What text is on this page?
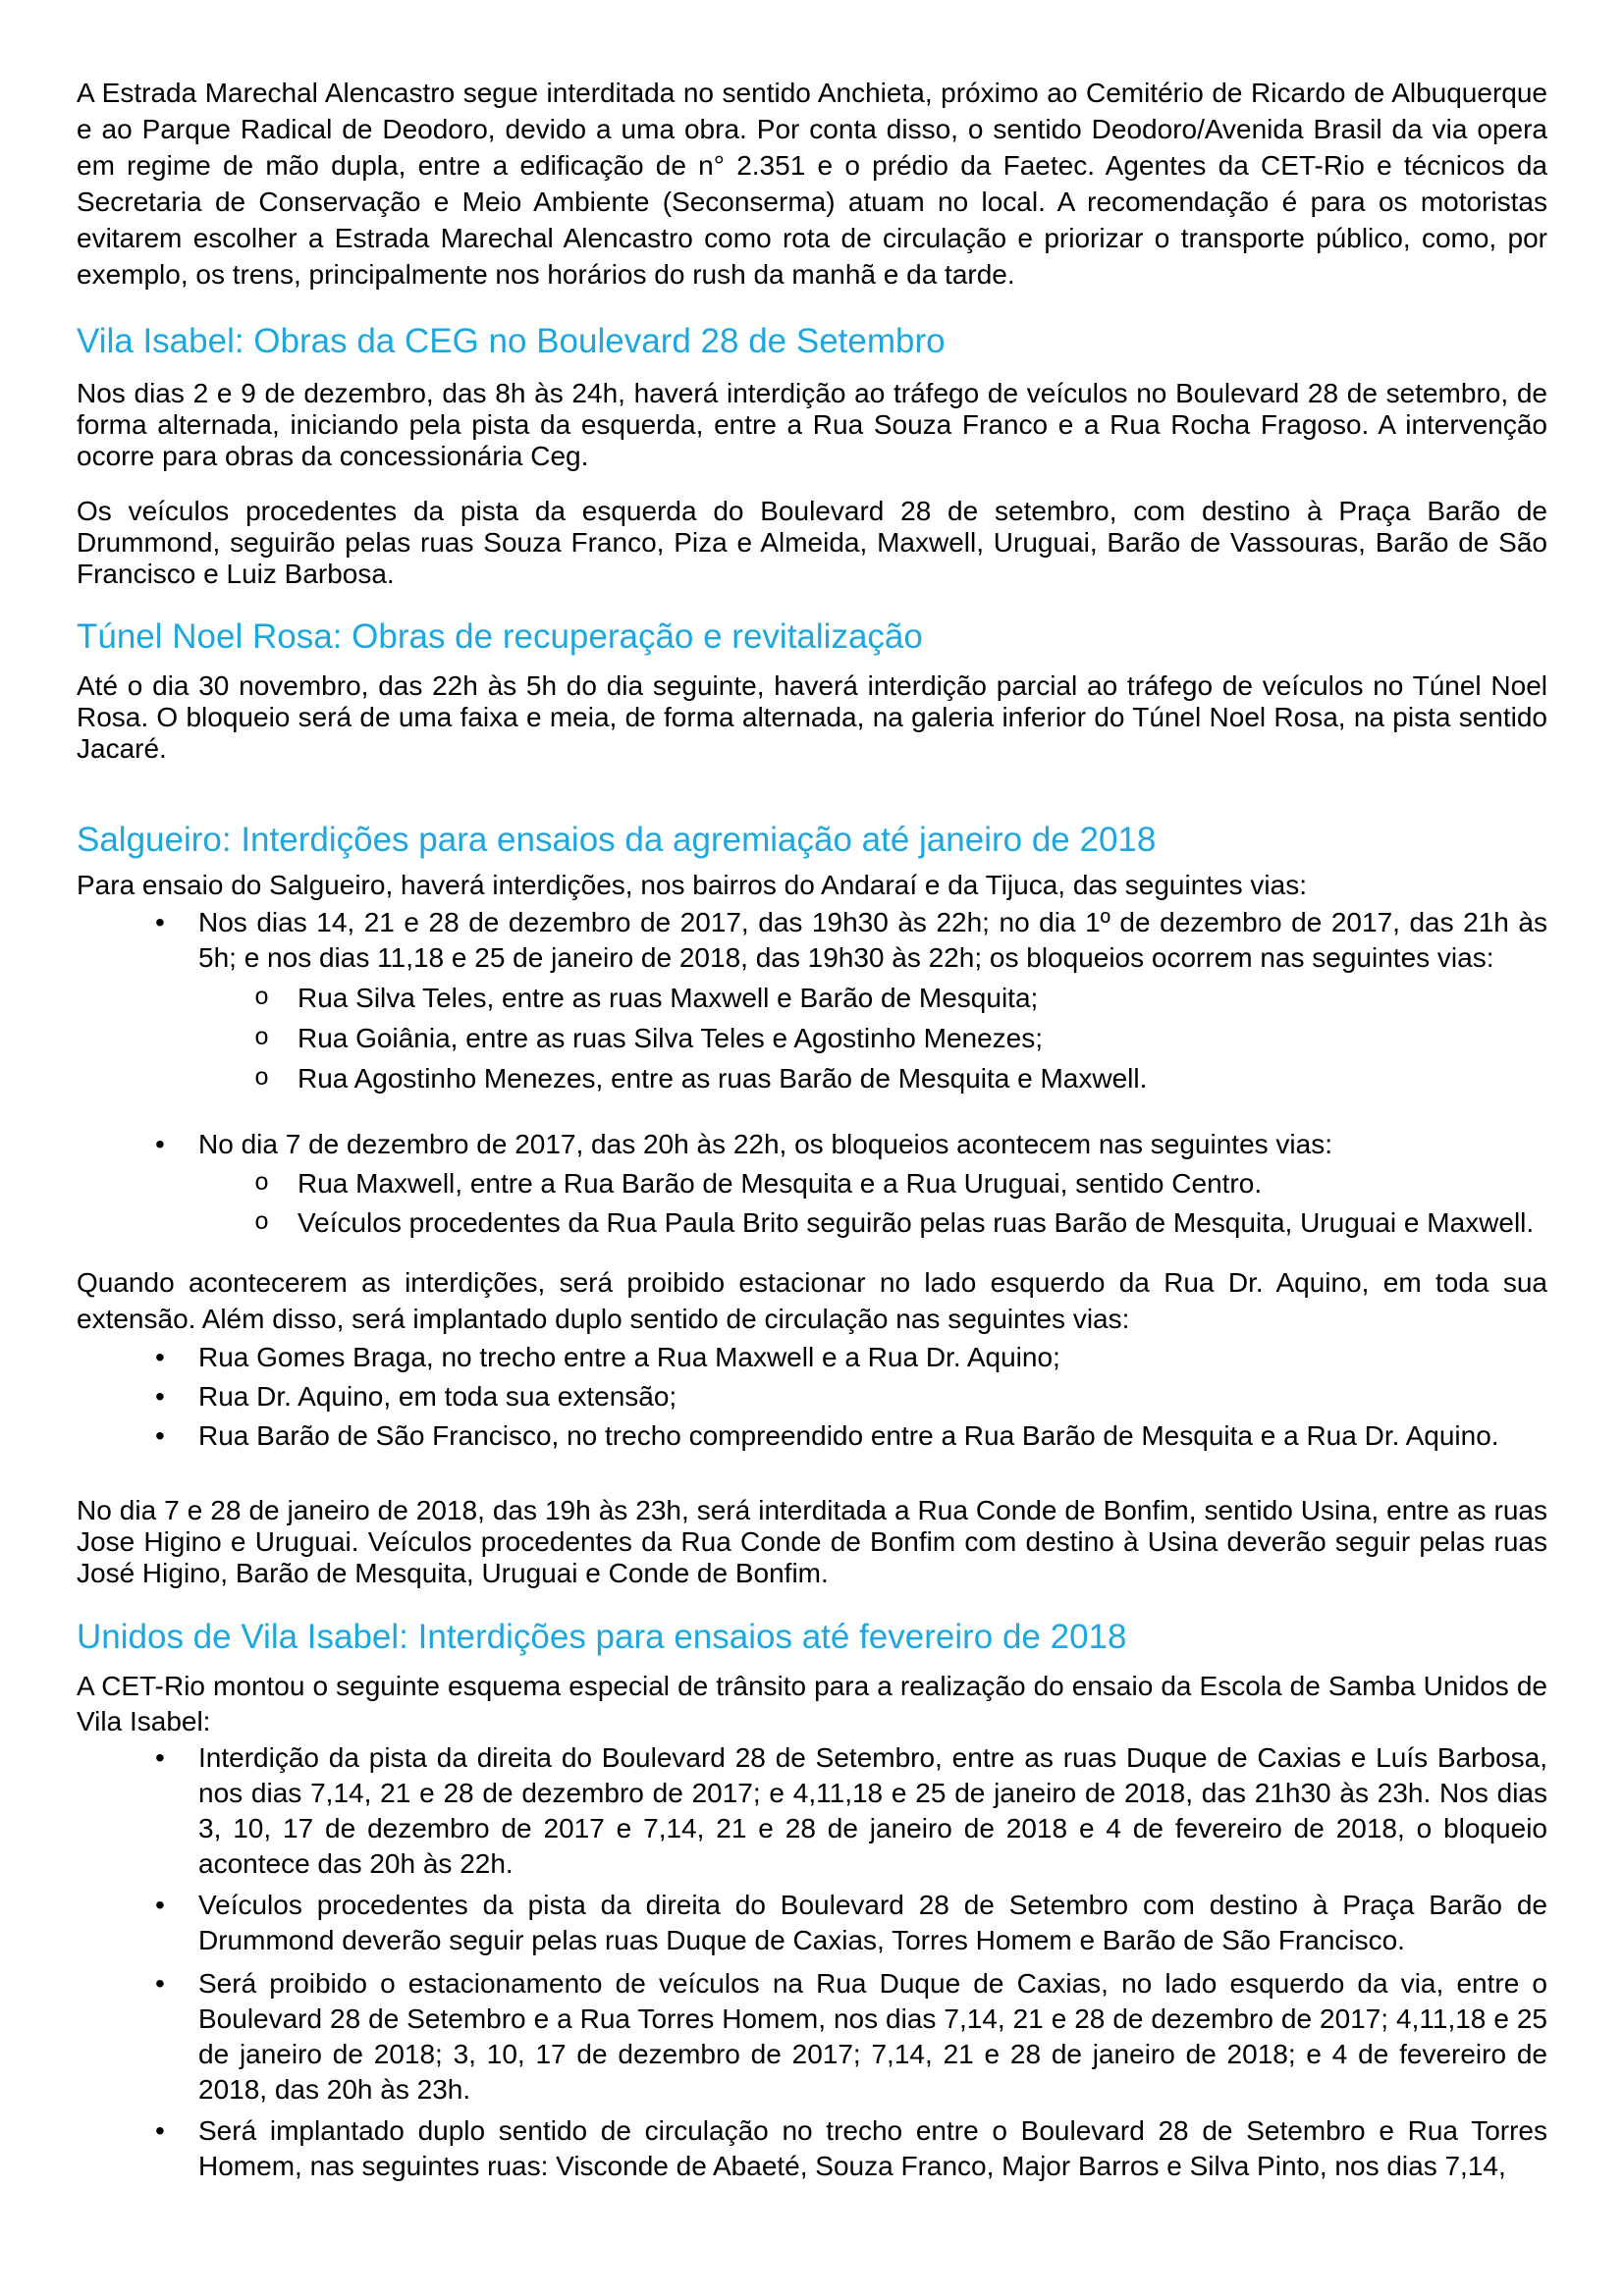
A Estrada Marechal Alencastro segue interditada no sentido Anchieta, próximo ao Cemitério de Ricardo de Albuquerque e ao Parque Radical de Deodoro, devido a uma obra. Por conta disso, o sentido Deodoro/Avenida Brasil da via opera em regime de mão dupla, entre a edificação de n° 2.351 e o prédio da Faetec. Agentes da CET-Rio e técnicos da Secretaria de Conservação e Meio Ambiente (Seconserma) atuam no local. A recomendação é para os motoristas evitarem escolher a Estrada Marechal Alencastro como rota de circulação e priorizar o transporte público, como, por exemplo, os trens, principalmente nos horários do rush da manhã e da tarde.

Vila Isabel: Obras da CEG no Boulevard 28 de Setembro

Nos dias 2 e 9 de dezembro, das 8h às 24h, haverá interdição ao tráfego de veículos no Boulevard 28 de setembro, de forma alternada, iniciando pela pista da esquerda, entre a Rua Souza Franco e a Rua Rocha Fragoso. A intervenção ocorre para obras da concessionária Ceg.

Os veículos procedentes da pista da esquerda do Boulevard 28 de setembro, com destino à Praça Barão de Drummond, seguirão pelas ruas Souza Franco, Piza e Almeida, Maxwell, Uruguai, Barão de Vassouras, Barão de São Francisco e Luiz Barbosa.

Túnel Noel Rosa: Obras de recuperação e revitalização

Até o dia 30 novembro, das 22h às 5h do dia seguinte, haverá interdição parcial ao tráfego de veículos no Túnel Noel Rosa. O bloqueio será de uma faixa e meia, de forma alternada, na galeria inferior do Túnel Noel Rosa, na pista sentido Jacaré.

Salgueiro: Interdições para ensaios da agremiação até janeiro de 2018

Para ensaio do Salgueiro, haverá interdições, nos bairros do Andaraí e da Tijuca, das seguintes vias:

• Nos dias 14, 21 e 28 de dezembro de 2017, das 19h30 às 22h; no dia 1º de dezembro de 2017, das 21h às 5h; e nos dias 11,18 e 25 de janeiro de 2018, das 19h30 às 22h; os bloqueios ocorrem nas seguintes vias:
o Rua Silva Teles, entre as ruas Maxwell e Barão de Mesquita;
o Rua Goiânia, entre as ruas Silva Teles e Agostinho Menezes;
o Rua Agostinho Menezes, entre as ruas Barão de Mesquita e Maxwell.
• No dia 7 de dezembro de 2017, das 20h às 22h, os bloqueios acontecem nas seguintes vias:
o Rua Maxwell, entre a Rua Barão de Mesquita e a Rua Uruguai, sentido Centro.
o Veículos procedentes da Rua Paula Brito seguirão pelas ruas Barão de Mesquita, Uruguai e Maxwell.

Quando acontecerem as interdições, será proibido estacionar no lado esquerdo da Rua Dr. Aquino, em toda sua extensão. Além disso, será implantado duplo sentido de circulação nas seguintes vias:

• Rua Gomes Braga, no trecho entre a Rua Maxwell e a Rua Dr. Aquino;
• Rua Dr. Aquino, em toda sua extensão;
• Rua Barão de São Francisco, no trecho compreendido entre a Rua Barão de Mesquita e a Rua Dr. Aquino.

No dia 7 e 28 de janeiro de 2018, das 19h às 23h, será interditada a Rua Conde de Bonfim, sentido Usina, entre as ruas Jose Higino e Uruguai. Veículos procedentes da Rua Conde de Bonfim com destino à Usina deverão seguir pelas ruas José Higino, Barão de Mesquita, Uruguai e Conde de Bonfim.

Unidos de Vila Isabel: Interdições para ensaios até fevereiro de 2018

A CET-Rio montou o seguinte esquema especial de trânsito para a realização do ensaio da Escola de Samba Unidos de Vila Isabel:

• Interdição da pista da direita do Boulevard 28 de Setembro, entre as ruas Duque de Caxias e Luís Barbosa, nos dias 7,14, 21 e 28 de dezembro de 2017; e 4,11,18 e 25 de janeiro de 2018, das 21h30 às 23h. Nos dias 3, 10, 17 de dezembro de 2017 e 7,14, 21 e 28 de janeiro de 2018 e 4 de fevereiro de 2018, o bloqueio acontece das 20h às 22h.
• Veículos procedentes da pista da direita do Boulevard 28 de Setembro com destino à Praça Barão de Drummond deverão seguir pelas ruas Duque de Caxias, Torres Homem e Barão de São Francisco.
• Será proibido o estacionamento de veículos na Rua Duque de Caxias, no lado esquerdo da via, entre o Boulevard 28 de Setembro e a Rua Torres Homem, nos dias 7,14, 21 e 28 de dezembro de 2017; 4,11,18 e 25 de janeiro de 2018; 3, 10, 17 de dezembro de 2017; 7,14, 21 e 28 de janeiro de 2018; e 4 de fevereiro de 2018, das 20h às 23h.
• Será implantado duplo sentido de circulação no trecho entre o Boulevard 28 de Setembro e Rua Torres Homem, nas seguintes ruas: Visconde de Abaeté, Souza Franco, Major Barros e Silva Pinto, nos dias 7,14,
